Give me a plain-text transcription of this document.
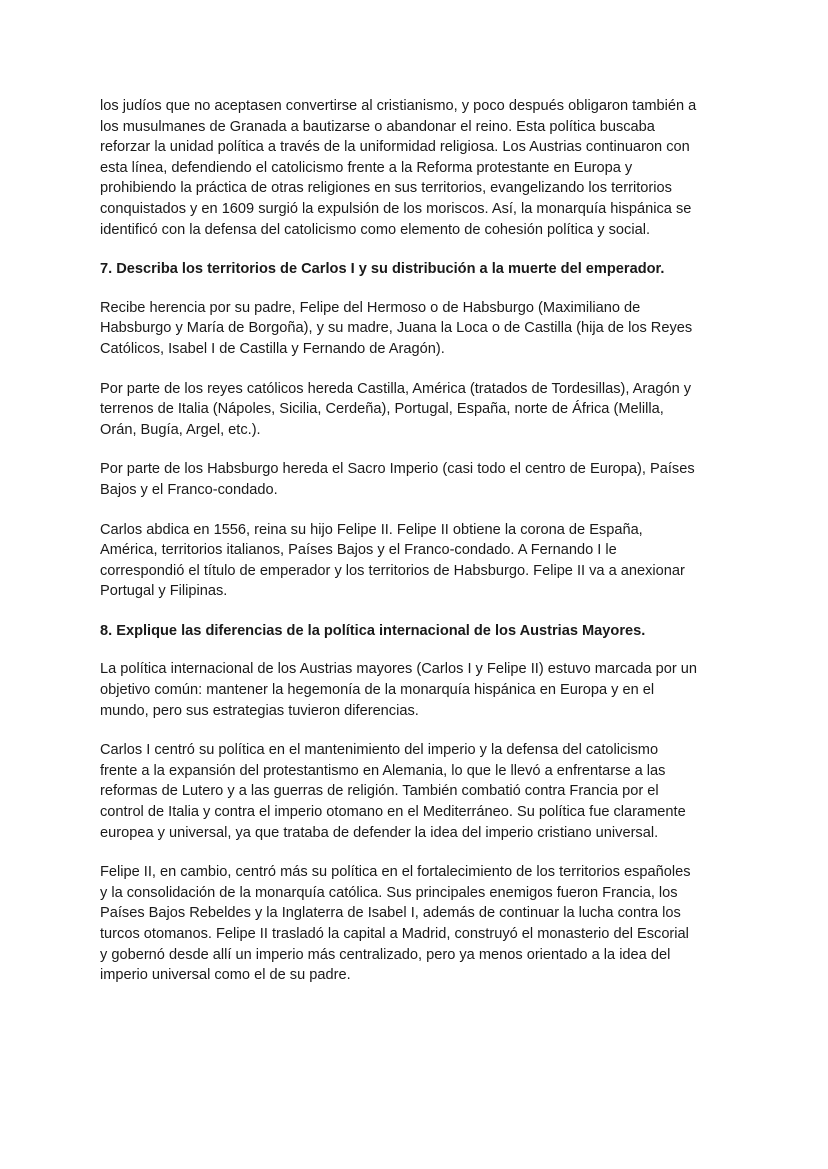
los judíos que no aceptasen convertirse al cristianismo, y poco después obligaron también a
los musulmanes de Granada a bautizarse o abandonar el reino. Esta política buscaba
reforzar la unidad política a través de la uniformidad religiosa. Los Austrias continuaron con
esta línea, defendiendo el catolicismo frente a la Reforma protestante en Europa y
prohibiendo la práctica de otras religiones en sus territorios, evangelizando los territorios
conquistados y en 1609 surgió la expulsión de los moriscos. Así, la monarquía hispánica se
identificó con la defensa del catolicismo como elemento de cohesión política y social.
7. Describa los territorios de Carlos I y su distribución a la muerte del emperador.
Recibe herencia por su padre, Felipe del Hermoso o de Habsburgo (Maximiliano de
Habsburgo y María de Borgoña), y su madre, Juana la Loca o de Castilla (hija de los Reyes
Católicos, Isabel I de Castilla y Fernando de Aragón).
Por parte de los reyes católicos hereda Castilla, América (tratados de Tordesillas), Aragón y
terrenos de Italia (Nápoles, Sicilia, Cerdeña), Portugal, España, norte de África (Melilla,
Orán, Bugía, Argel, etc.).
Por parte de los Habsburgo hereda el Sacro Imperio (casi todo el centro de Europa), Países
Bajos y el Franco-condado.
Carlos abdica en 1556, reina su hijo Felipe II. Felipe II obtiene la corona de España,
América, territorios italianos, Países Bajos y el Franco-condado. A Fernando I le
correspondió el título de emperador y los territorios de Habsburgo. Felipe II va a anexionar
Portugal y Filipinas.
8. Explique las diferencias de la política internacional de los Austrias Mayores.
La política internacional de los Austrias mayores (Carlos I y Felipe II) estuvo marcada por un
objetivo común: mantener la hegemonía de la monarquía hispánica en Europa y en el
mundo, pero sus estrategias tuvieron diferencias.
Carlos I centró su política en el mantenimiento del imperio y la defensa del catolicismo
frente a la expansión del protestantismo en Alemania, lo que le llevó a enfrentarse a las
reformas de Lutero y a las guerras de religión. También combatió contra Francia por el
control de Italia y contra el imperio otomano en el Mediterráneo. Su política fue claramente
europea y universal, ya que trataba de defender la idea del imperio cristiano universal.
Felipe II, en cambio, centró más su política en el fortalecimiento de los territorios españoles
y la consolidación de la monarquía católica. Sus principales enemigos fueron Francia, los
Países Bajos Rebeldes y la Inglaterra de Isabel I, además de continuar la lucha contra los
turcos otomanos. Felipe II trasladó la capital a Madrid, construyó el monasterio del Escorial
y gobernó desde allí un imperio más centralizado, pero ya menos orientado a la idea del
imperio universal como el de su padre.
